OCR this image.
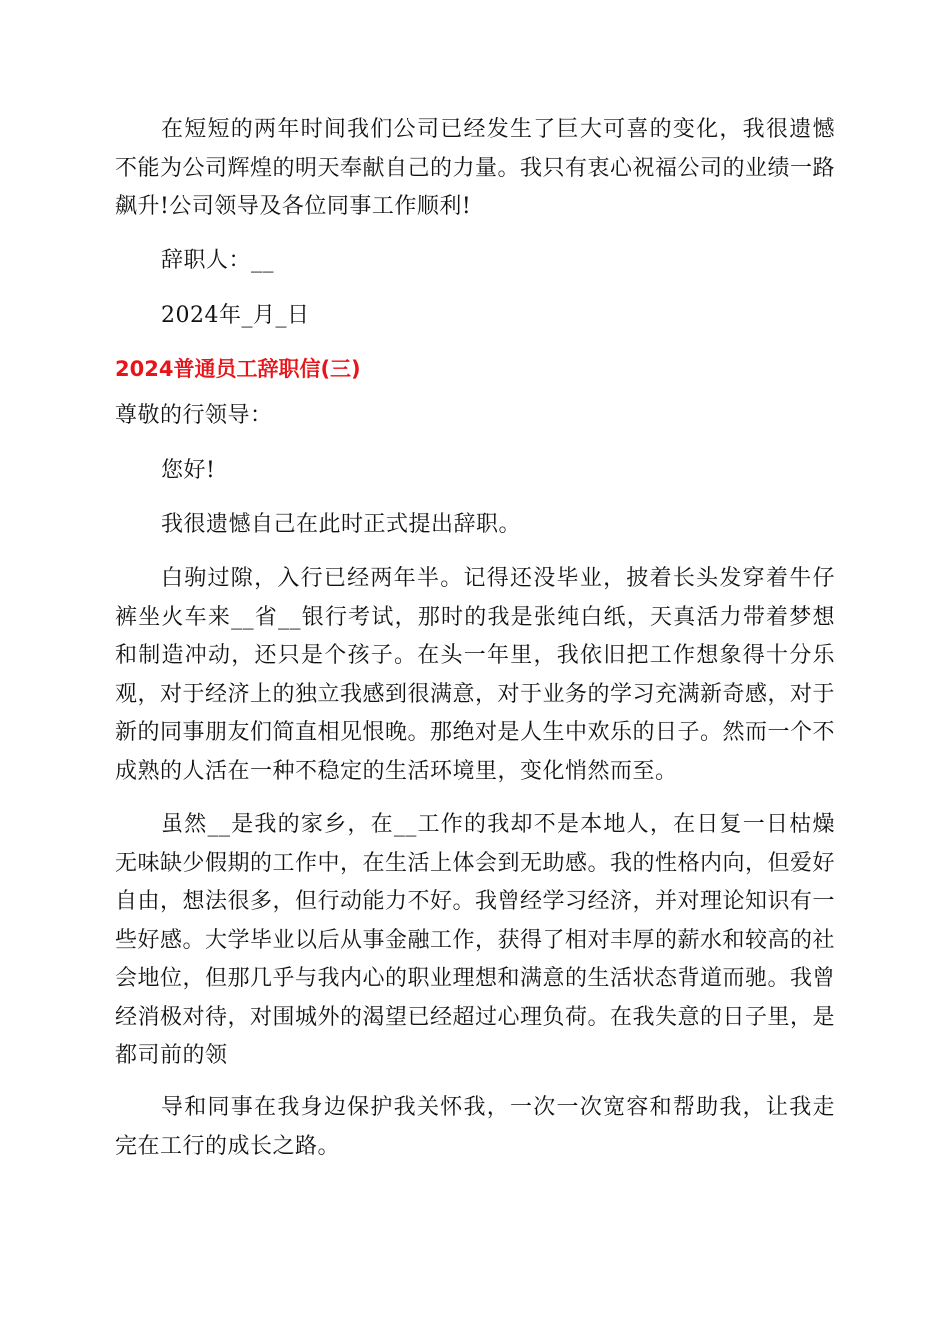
在短短的两年时间我们公司已经发生了巨大可喜的变化，我很遗憾不能为公司辉煌的明天奉献自己的力量。我只有衷心祝福公司的业绩一路飙升!公司领导及各位同事工作顺利!

辞职人：__

2024年_月_日

2024普通员工辞职信(三)

尊敬的行领导：

您好!

我很遗憾自己在此时正式提出辞职。

白驹过隙，入行已经两年半。记得还没毕业，披着长头发穿着牛仔裤坐火车来__省__银行考试，那时的我是张纯白纸，天真活力带着梦想和制造冲动，还只是个孩子。在头一年里，我依旧把工作想象得十分乐观，对于经济上的独立我感到很满意，对于业务的学习充满新奇感，对于新的同事朋友们简直相见恨晚。那绝对是人生中欢乐的日子。然而一个不成熟的人活在一种不稳定的生活环境里，变化悄然而至。

虽然__是我的家乡，在__工作的我却不是本地人，在日复一日枯燥无味缺少假期的工作中，在生活上体会到无助感。我的性格内向，但爱好自由，想法很多，但行动能力不好。我曾经学习经济，并对理论知识有一些好感。大学毕业以后从事金融工作，获得了相对丰厚的薪水和较高的社会地位，但那几乎与我内心的职业理想和满意的生活状态背道而驰。我曾经消极对待，对围城外的渴望已经超过心理负荷。在我失意的日子里，是都司前的领

导和同事在我身边保护我关怀我，一次一次宽容和帮助我，让我走完在工行的成长之路。
